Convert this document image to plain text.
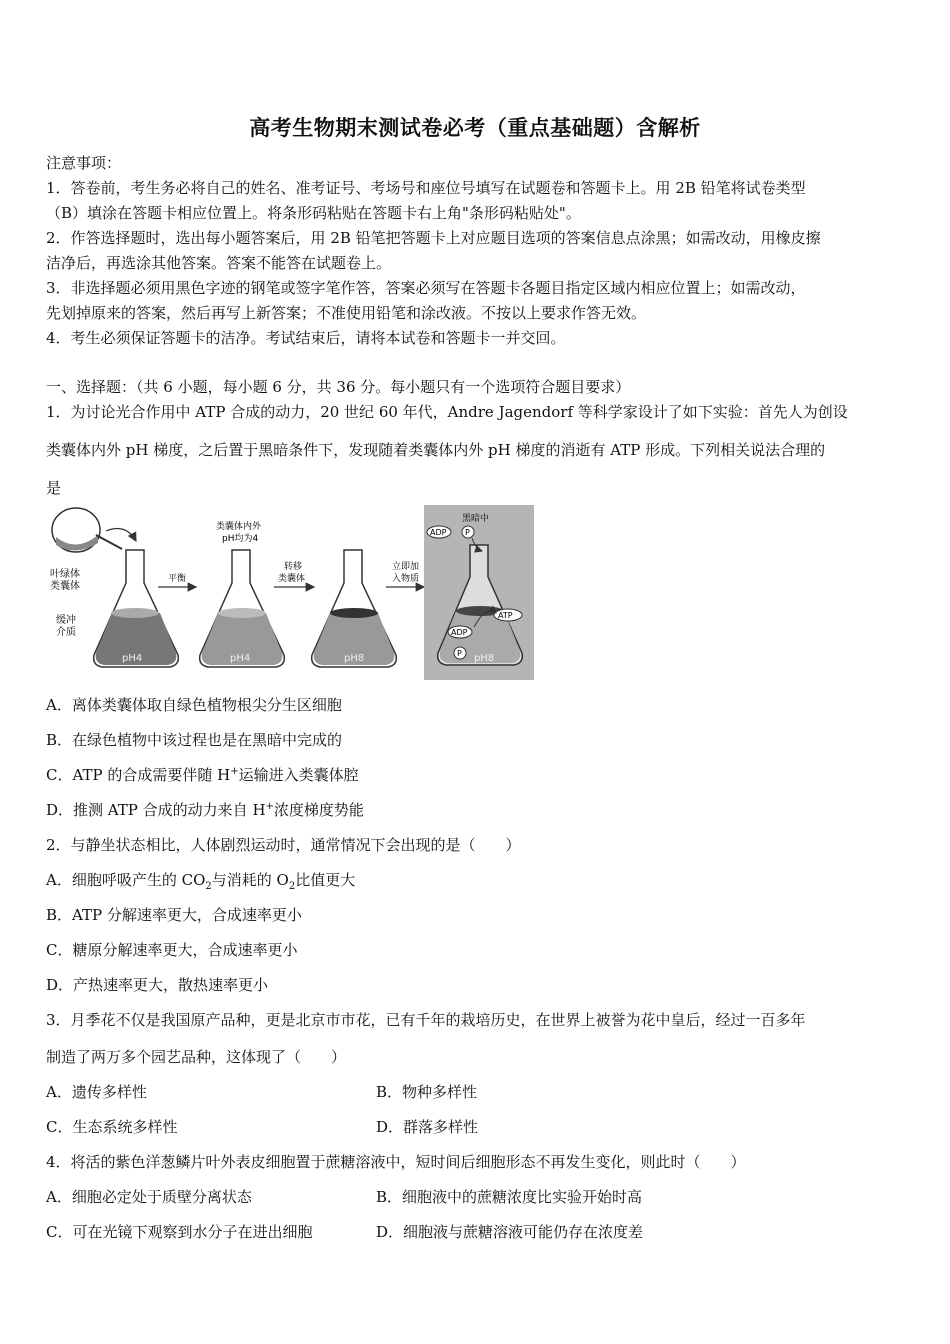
高考生物期末测试卷必考（重点基础题）含解析
注意事项：
1．答卷前，考生务必将自己的姓名、准考证号、考场号和座位号填写在试题卷和答题卡上。用 2B 铅笔将试卷类型
（B）填涂在答题卡相应位置上。将条形码粘贴在答题卡右上角"条形码粘贴处"。
2．作答选择题时，选出每小题答案后，用 2B 铅笔把答题卡上对应题目选项的答案信息点涂黑；如需改动，用橡皮擦
洁净后，再选涂其他答案。答案不能答在试题卷上。
3．非选择题必须用黑色字迹的钢笔或签字笔作答，答案必须写在答题卡各题目指定区域内相应位置上；如需改动，
先划掉原来的答案，然后再写上新答案；不准使用铅笔和涂改液。不按以上要求作答无效。
4．考生必须保证答题卡的洁净。考试结束后，请将本试卷和答题卡一并交回。
一、选择题：（共 6 小题，每小题 6 分，共 36 分。每小题只有一个选项符合题目要求）
1．为讨论光合作用中 ATP 合成的动力，20 世纪 60 年代，Andre Jagendorf 等科学家设计了如下实验：首先人为创设
类囊体内外 pH 梯度，之后置于黑暗条件下，发现随着类囊体内外 pH 梯度的消逝有 ATP 形成。下列相关说法合理的
是
叶绿体
类囊体
缓冲
介质
pH4
平衡
类囊体内外
pH均为4
pH4
转移
类囊体
pH8
立即加
入物质
黑暗中
ADP P
ADP
P
ATP
pH8
A．离体类囊体取自绿色植物根尖分生区细胞
B．在绿色植物中该过程也是在黑暗中完成的
C．ATP 的合成需要伴随 H+运输进入类囊体腔
D．推测 ATP 合成的动力来自 H+浓度梯度势能
2．与静坐状态相比，人体剧烈运动时，通常情况下会出现的是（　　）
A．细胞呼吸产生的 $CO_2$与消耗的 $O_2$比值更大
B．ATP 分解速率更大，合成速率更小
C．糖原分解速率更大，合成速率更小
D．产热速率更大，散热速率更小
3．月季花不仅是我国原产品种，更是北京市市花，已有千年的栽培历史，在世界上被誉为花中皇后，经过一百多年
制造了两万多个园艺品种，这体现了（　　）
A．遗传多样性	B．物种多样性
C．生态系统多样性	D．群落多样性
4．将活的紫色洋葱鳞片叶外表皮细胞置于蔗糖溶液中，短时间后细胞形态不再发生变化，则此时（　　）
A．细胞必定处于质壁分离状态	B．细胞液中的蔗糖浓度比实验开始时高
C．可在光镜下观察到水分子在进出细胞	D．细胞液与蔗糖溶液可能仍存在浓度差
